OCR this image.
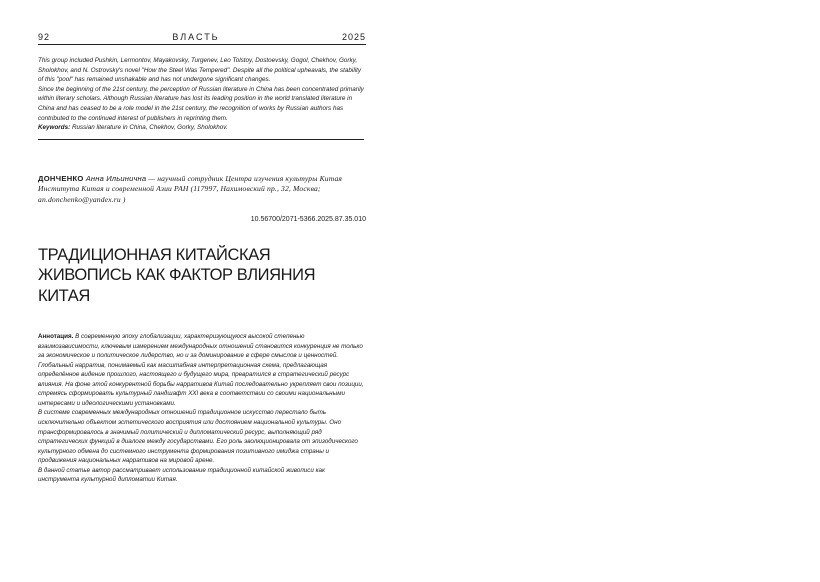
92	ВЛАСТЬ	2025

This group included Pushkin, Lermontov, Mayakovsky, Turgenev, Leo Tolstoy, Dostoevsky, Gogol, Chekhov, Gorky, Sholokhov, and N. Ostrovsky's novel "How the Steel Was Tempered". Despite all the political upheavals, the stability of this "pool" has remained unshakable and has not undergone significant changes.

Since the beginning of the 21st century, the perception of Russian literature in China has been concentrated primarily within literary scholars. Although Russian literature has lost its leading position in the world translated literature in China and has ceased to be a role model in the 21st century, the recognition of works by Russian authors has contributed to the continued interest of publishers in reprinting them.

Keywords: Russian literature in China, Chekhov, Gorky, Sholokhov.

ДОНЧЕНКО Анна Ильинична — научный сотрудник Центра изучения культуры Китая Института Китая и современной Азии РАН (117997, Нахимовский пр., 32, Москва; an.donchenko@yandex.ru )
10.56700/2071-5366.2025.87.35.010
ТРАДИЦИОННАЯ КИТАЙСКАЯ
ЖИВОПИСЬ КАК ФАКТОР ВЛИЯНИЯ
КИТАЯ

Аннотация. В современную эпоху глобализации, характеризующуюся высокой степенью взаимозависимости, ключевым измерением международных отношений становится конкуренция не только за экономическое и политическое лидерство, но и за доминирование в сфере смыслов и ценностей. Глобальный нарратив, понимаемый как масштабная интерпретационная схема, предлагающая определённое видение прошлого, настоящего и будущего мира, превратился в стратегический ресурс влияния. На фоне этой конкурентной борьбы нарративов Китай последовательно укрепляет свои позиции, стремясь сформировать культурный ландшафт XXI века в соответствии со своими национальными интересами и идеологическими установками.

В системе современных международных отношений традиционное искусство перестало быть исключительно объектом эстетического восприятия или достоянием национальной культуры. Оно трансформировалось в значимый политический и дипломатический ресурс, выполняющий ряд стратегических функций в диалоге между государствами. Его роль эволюционировала от эпизодического культурного обмена до системного инструмента формирования позитивного имиджа страны и продвижения национальных нарративов на мировой арене.

В данной статье автор рассматривает использование традиционной китайской живописи как инструмента культурной дипломатии Китая.
